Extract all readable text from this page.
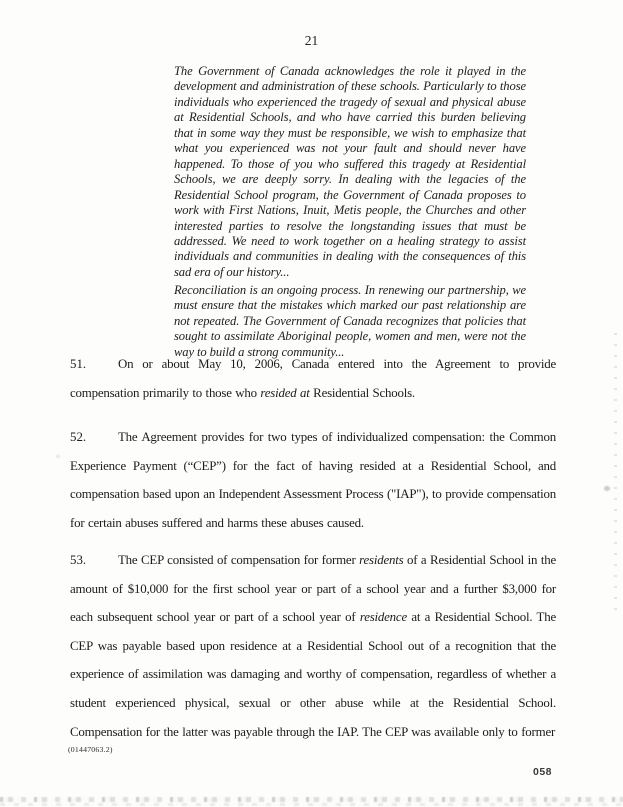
21
The Government of Canada acknowledges the role it played in the development and administration of these schools. Particularly to those individuals who experienced the tragedy of sexual and physical abuse at Residential Schools, and who have carried this burden believing that in some way they must be responsible, we wish to emphasize that what you experienced was not your fault and should never have happened. To those of you who suffered this tragedy at Residential Schools, we are deeply sorry. In dealing with the legacies of the Residential School program, the Government of Canada proposes to work with First Nations, Inuit, Metis people, the Churches and other interested parties to resolve the longstanding issues that must be addressed. We need to work together on a healing strategy to assist individuals and communities in dealing with the consequences of this sad era of our history...
Reconciliation is an ongoing process. In renewing our partnership, we must ensure that the mistakes which marked our past relationship are not repeated. The Government of Canada recognizes that policies that sought to assimilate Aboriginal people, women and men, were not the way to build a strong community...
51. On or about May 10, 2006, Canada entered into the Agreement to provide compensation primarily to those who resided at Residential Schools.
52. The Agreement provides for two types of individualized compensation: the Common Experience Payment (“CEP”) for the fact of having resided at a Residential School, and compensation based upon an Independent Assessment Process ("IAP"), to provide compensation for certain abuses suffered and harms these abuses caused.
53. The CEP consisted of compensation for former residents of a Residential School in the amount of $10,000 for the first school year or part of a school year and a further $3,000 for each subsequent school year or part of a school year of residence at a Residential School. The CEP was payable based upon residence at a Residential School out of a recognition that the experience of assimilation was damaging and worthy of compensation, regardless of whether a student experienced physical, sexual or other abuse while at the Residential School. Compensation for the latter was payable through the IAP. The CEP was available only to former
(01447063.2)
058
